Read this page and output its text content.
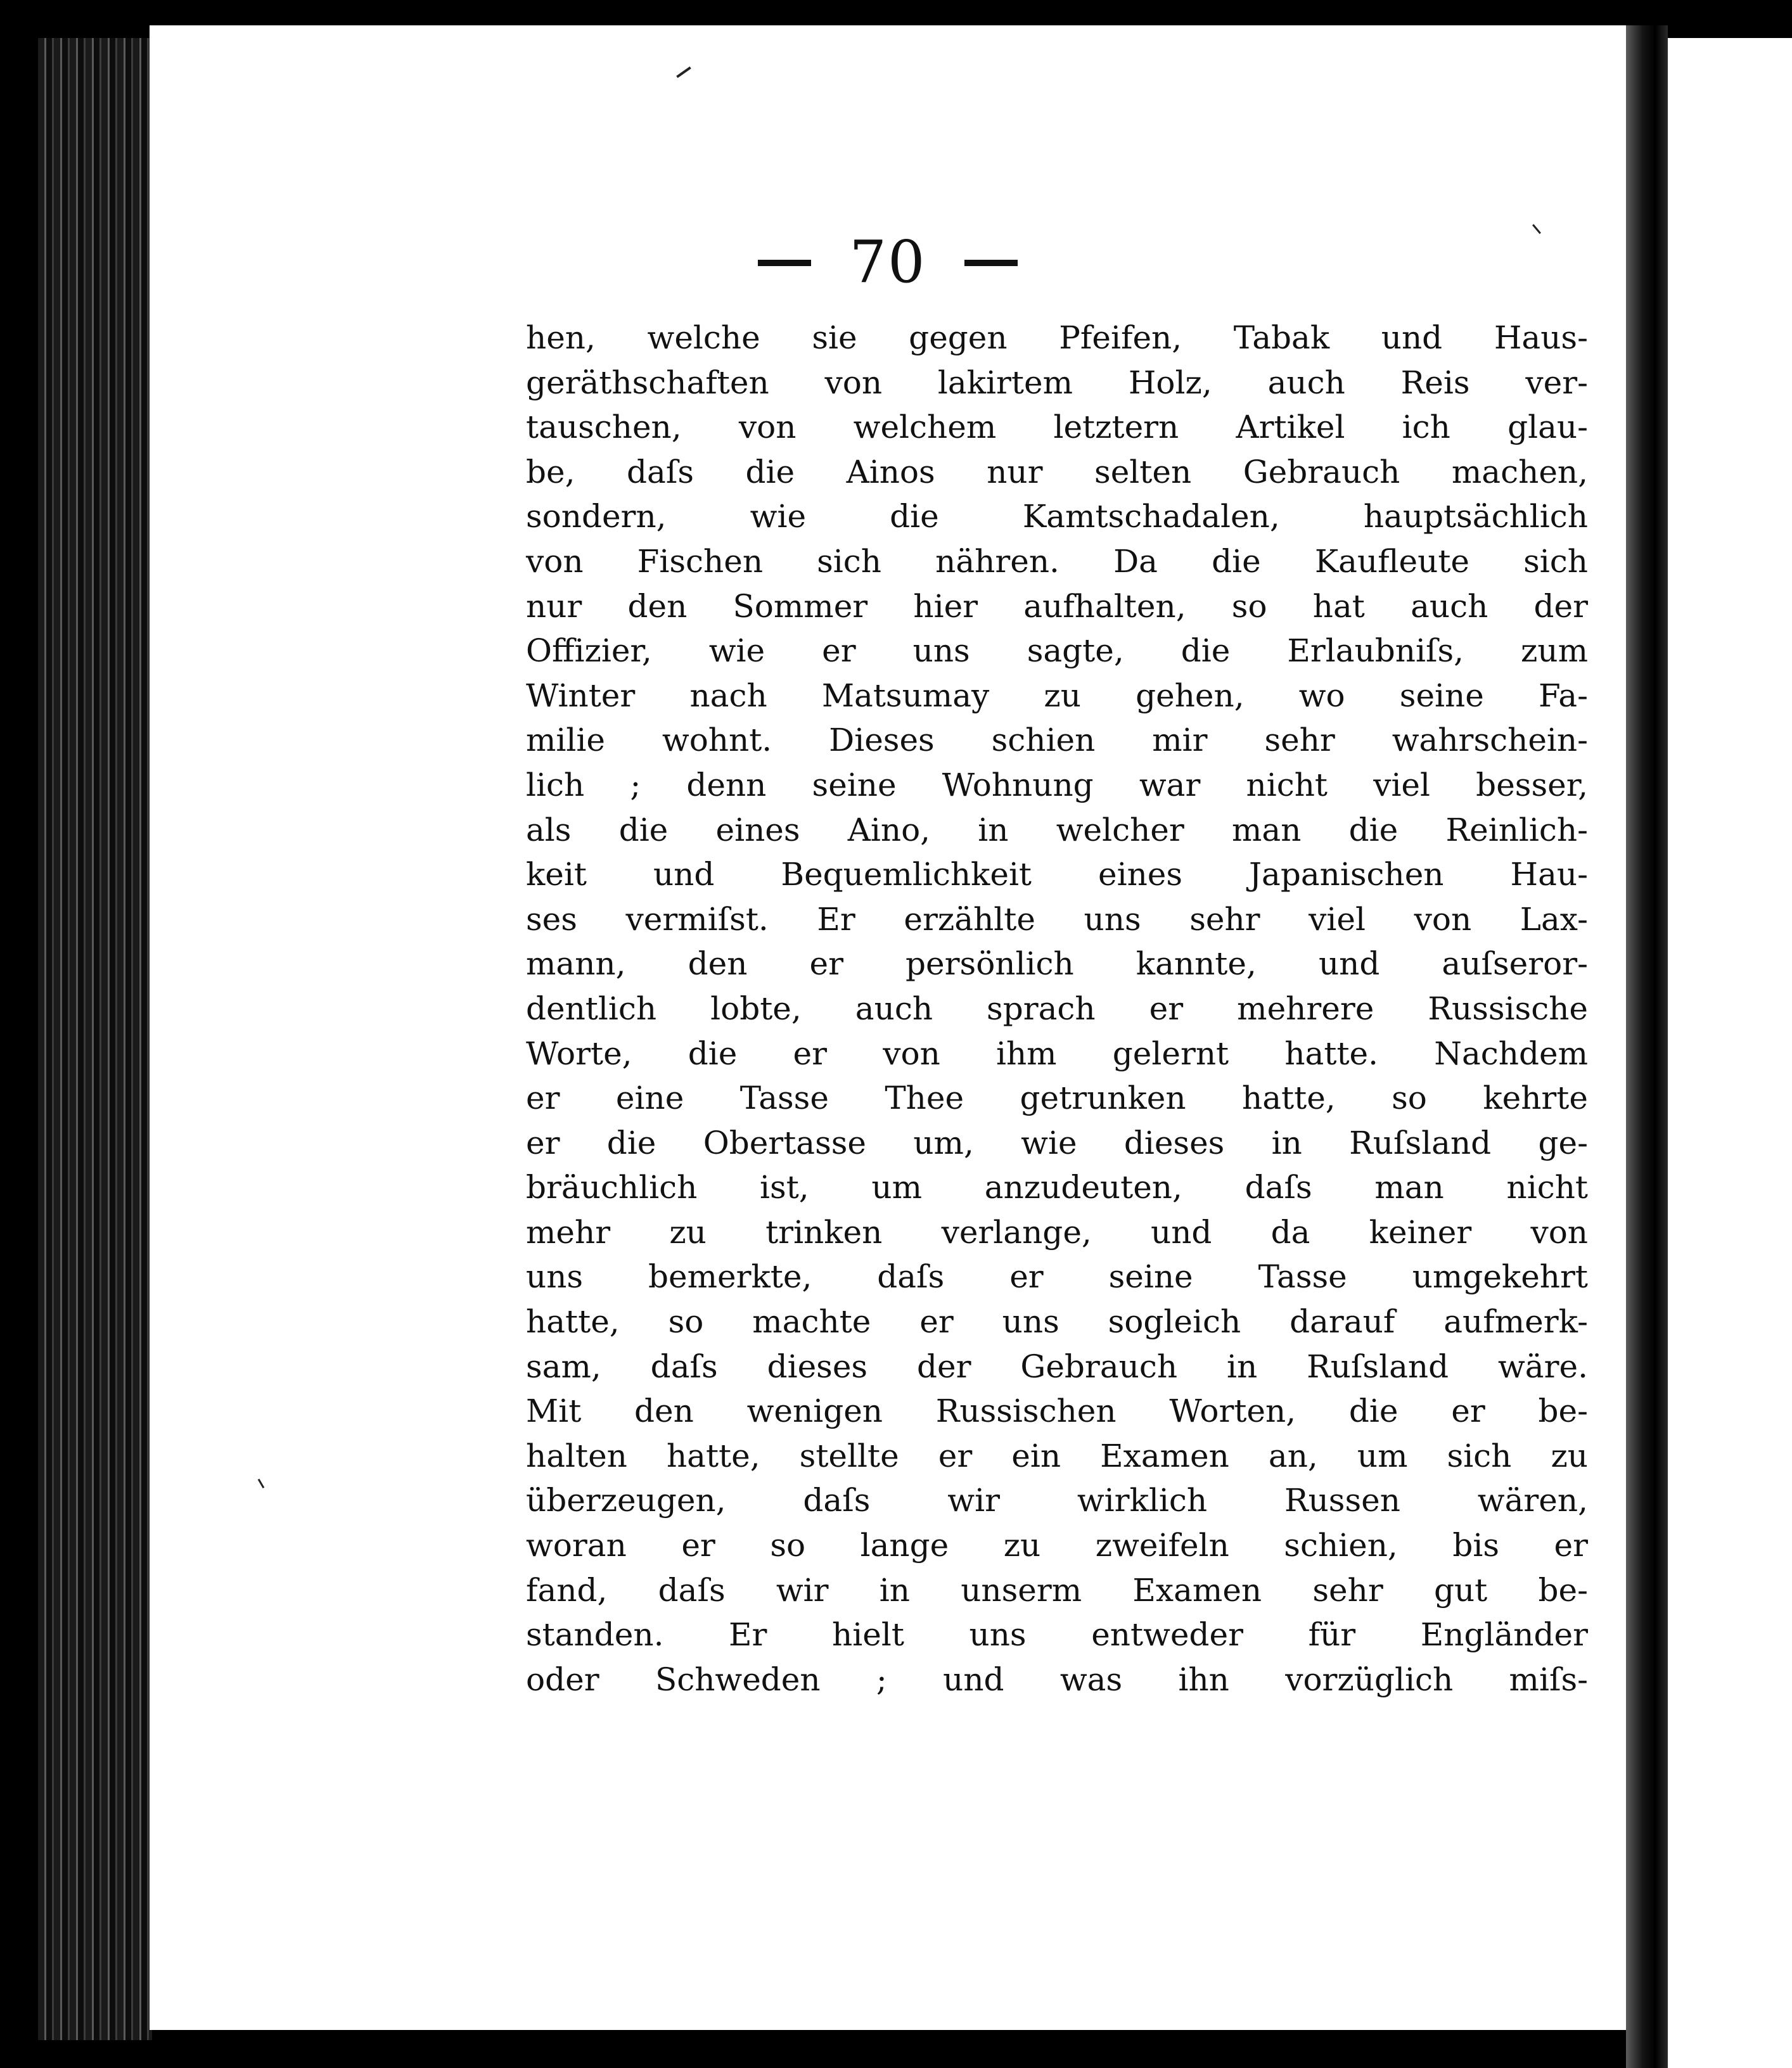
70
hen, welche sie gegen Pfeifen, Tabak und Haus-
geräthschaften von lakirtem Holz, auch Reis ver-
tauschen, von welchem letztern Artikel ich glau-
be, daſs die Ainos nur selten Gebrauch machen,
sondern, wie die Kamtschadalen, hauptsächlich
von Fischen sich nähren. Da die Kaufleute sich
nur den Sommer hier aufhalten, so hat auch der
Offizier, wie er uns sagte, die Erlaubniſs, zum
Winter nach Matsumay zu gehen, wo seine Fa-
milie wohnt. Dieses schien mir sehr wahrschein-
lich ; denn seine Wohnung war nicht viel besser,
als die eines Aino, in welcher man die Reinlich-
keit und Bequemlichkeit eines Japanischen Hau-
ses vermiſst. Er erzählte uns sehr viel von Lax-
mann, den er persönlich kannte, und auſseror-
dentlich lobte, auch sprach er mehrere Russische
Worte, die er von ihm gelernt hatte. Nachdem
er eine Tasse Thee getrunken hatte, so kehrte
er die Obertasse um, wie dieses in Ruſsland ge-
bräuchlich ist, um anzudeuten, daſs man nicht
mehr zu trinken verlange, und da keiner von
uns bemerkte, daſs er seine Tasse umgekehrt
hatte, so machte er uns sogleich darauf aufmerk-
sam, daſs dieses der Gebrauch in Ruſsland wäre.
Mit den wenigen Russischen Worten, die er be-
halten hatte, stellte er ein Examen an, um sich zu
überzeugen, daſs wir wirklich Russen wären,
woran er so lange zu zweifeln schien, bis er
fand, daſs wir in unserm Examen sehr gut be-
standen. Er hielt uns entweder für Engländer
oder Schweden ; und was ihn vorzüglich miſs-
